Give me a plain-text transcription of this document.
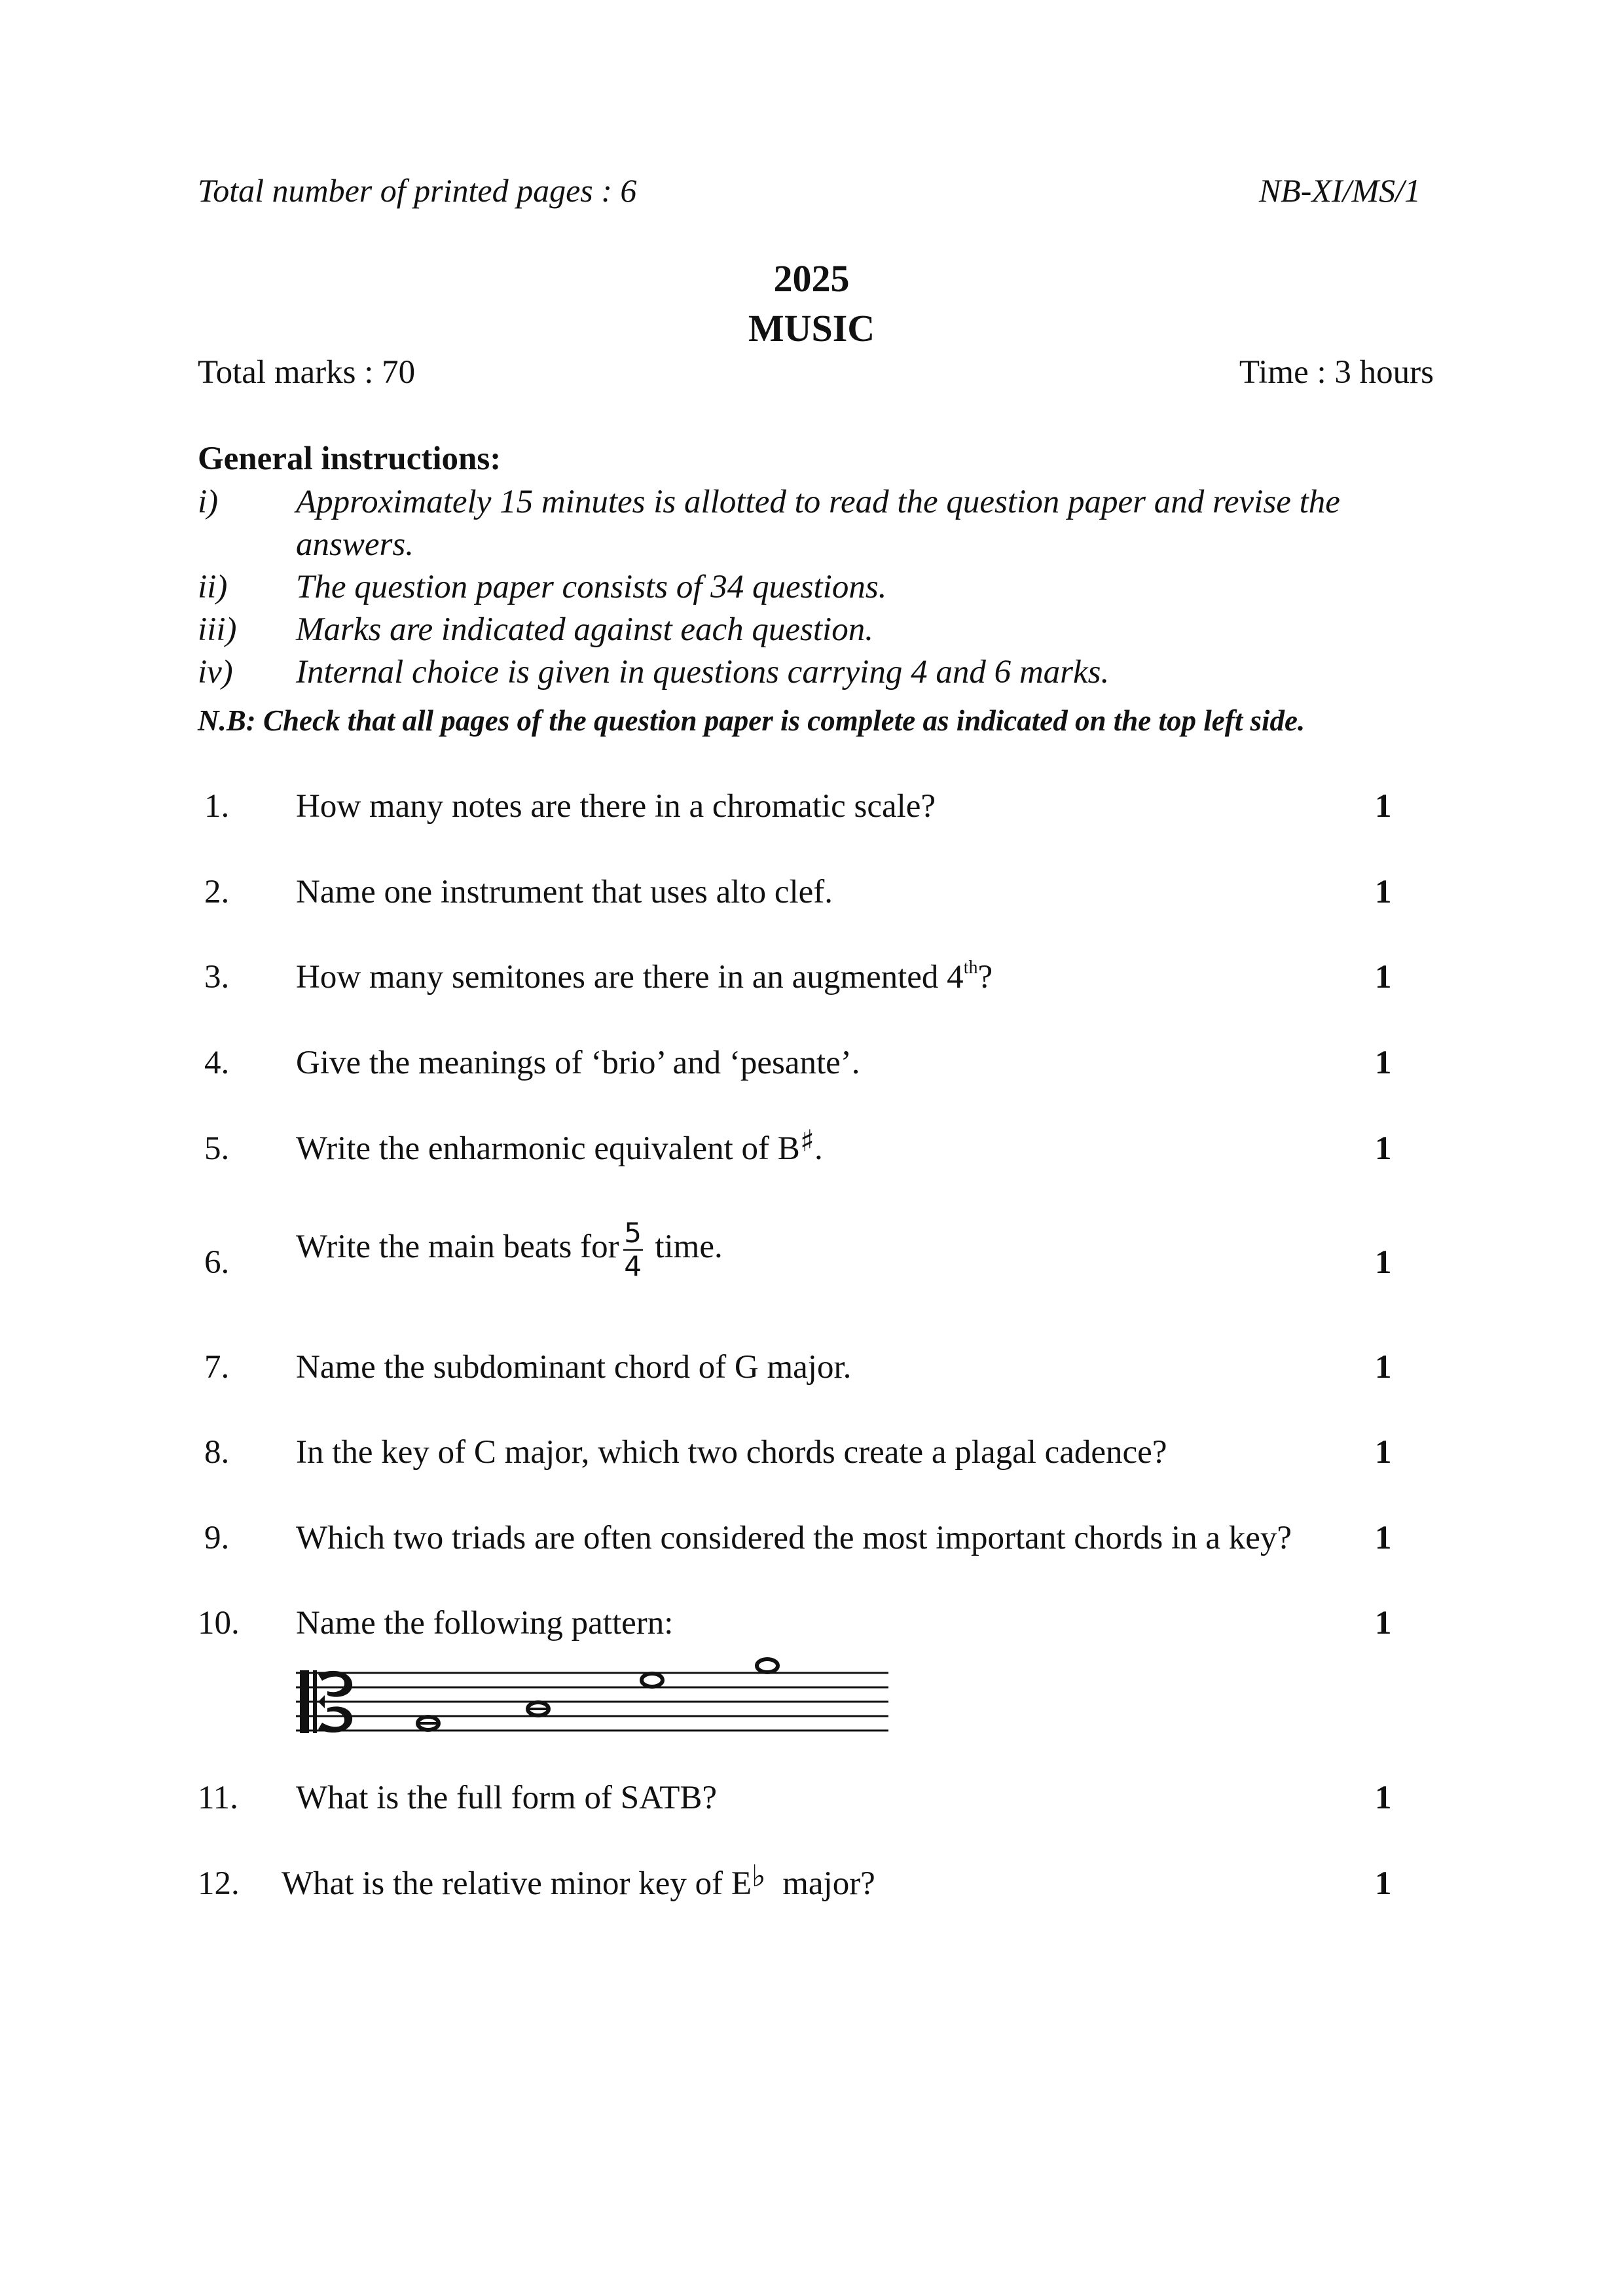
Total number of printed pages : 6	NB-XI/MS/1
2025
MUSIC
Total marks : 70	Time : 3 hours
General instructions:
i) Approximately 15 minutes is allotted to read the question paper and revise the
answers.
ii) The question paper consists of 34 questions.
iii) Marks are indicated against each question.
iv) Internal choice is given in questions carrying 4 and 6 marks.
N.B: Check that all pages of the question paper is complete as indicated on the top left side.
1. How many notes are there in a chromatic scale?	1
2. Name one instrument that uses alto clef.	1
3. How many semitones are there in an augmented 4th?	1
4. Give the meanings of ‘brio’ and ‘pesante’.	1
5. Write the enharmonic equivalent of B♯.	1
6. Write the main beats for $\frac{5}{4}$ time.	1
7. Name the subdominant chord of G major.	1
8. In the key of C major, which two chords create a plagal cadence?	1
9. Which two triads are often considered the most important chords in a key? 1
10. Name the following pattern:	1
11. What is the full form of SATB?	1
12. What is the relative minor key of E♭  major?	1
